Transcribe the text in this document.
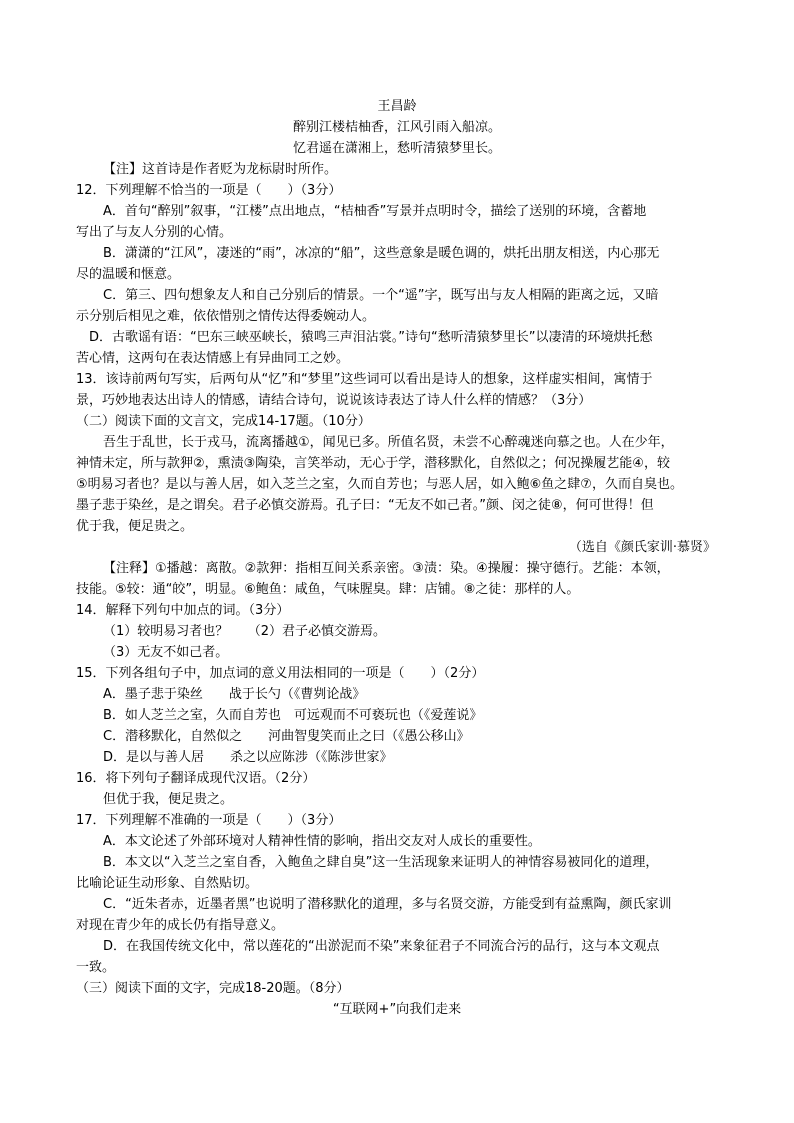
王昌龄
醉别江楼桔柚香，江风引雨入船凉。
忆君遥在潇湘上，愁听清猿梦里长。
【注】这首诗是作者贬为龙标尉时所作。
12．下列理解不恰当的一项是（　　）（3分）
A．首句“醉别”叙事，“江楼”点出地点，“桔柚香”写景并点明时令，描绘了送别的环境，含蓄地
写出了与友人分别的心情。
B．潇潇的“江风”，凄迷的“雨”，冰凉的“船”，这些意象是暖色调的，烘托出朋友相送，内心那无
尽的温暖和惬意。
C．第三、四句想象友人和自己分别后的情景。一个“遥”字，既写出与友人相隔的距离之远，又暗
示分别后相见之难，依依惜别之情传达得委婉动人。
D．古歌谣有语：“巴东三峡巫峡长，猿鸣三声泪沾裳。”诗句“愁听清猿梦里长”以凄清的环境烘托愁
苦心情，这两句在表达情感上有异曲同工之妙。
13．该诗前两句写实，后两句从“忆”和“梦里”这些词可以看出是诗人的想象，这样虚实相间，寓情于
景，巧妙地表达出诗人的情感，请结合诗句，说说该诗表达了诗人什么样的情感？（3分）
（二）阅读下面的文言文，完成14-17题。（10分）
吾生于乱世，长于戎马，流离播越①，闻见已多。所值名贤，未尝不心醉魂迷向慕之也。人在少年，
神情未定，所与款狎②，熏渍③陶染，言笑举动，无心于学，潜移默化，自然似之；何况操履艺能④，较
⑤明易习者也？是以与善人居，如入芝兰之室，久而自芳也；与恶人居，如入鲍⑥鱼之肆⑦，久而自臭也。
墨子悲于染丝，是之谓矣。君子必慎交游焉。孔子曰：“无友不如己者。”颜、闵之徒⑧，何可世得！但
优于我，便足贵之。
（选自《颜氏家训·慕贤》
【注释】①播越：离散。②款狎：指相互间关系亲密。③渍：染。④操履：操守德行。艺能：本领，
技能。⑤较：通“皎”，明显。⑥鲍鱼：咸鱼，气味腥臭。肆：店铺。⑧之徒：那样的人。
14．解释下列句中加点的词。（3分）
（1）较明易习者也？　　（2）君子必慎交游焉。
（3）无友不如己者。
15．下列各组句子中，加点词的意义用法相同的一项是（　　）（2分）
A．墨子悲于染丝　　战于长勺（《曹刿论战》
B．如人芝兰之室，久而自芳也　可远观而不可亵玩也（《爱莲说》
C．潜移默化，自然似之　　河曲智叟笑而止之曰（《愚公移山》
D．是以与善人居　　杀之以应陈涉（《陈涉世家》
16．将下列句子翻译成现代汉语。（2分）
但优于我，便足贵之。
17．下列理解不准确的一项是（　　）（3分）
A．本文论述了外部环境对人精神性情的影响，指出交友对人成长的重要性。
B．本文以“入芝兰之室自香，入鲍鱼之肆自臭”这一生活现象来证明人的神情容易被同化的道理，
比喻论证生动形象、自然贴切。
C．“近朱者赤，近墨者黑”也说明了潜移默化的道理，多与名贤交游，方能受到有益熏陶，颜氏家训
对现在青少年的成长仍有指导意义。
D．在我国传统文化中，常以莲花的“出淤泥而不染”来象征君子不同流合污的品行，这与本文观点
一致。
（三）阅读下面的文字，完成18-20题。（8分）
“互联网+”向我们走来
